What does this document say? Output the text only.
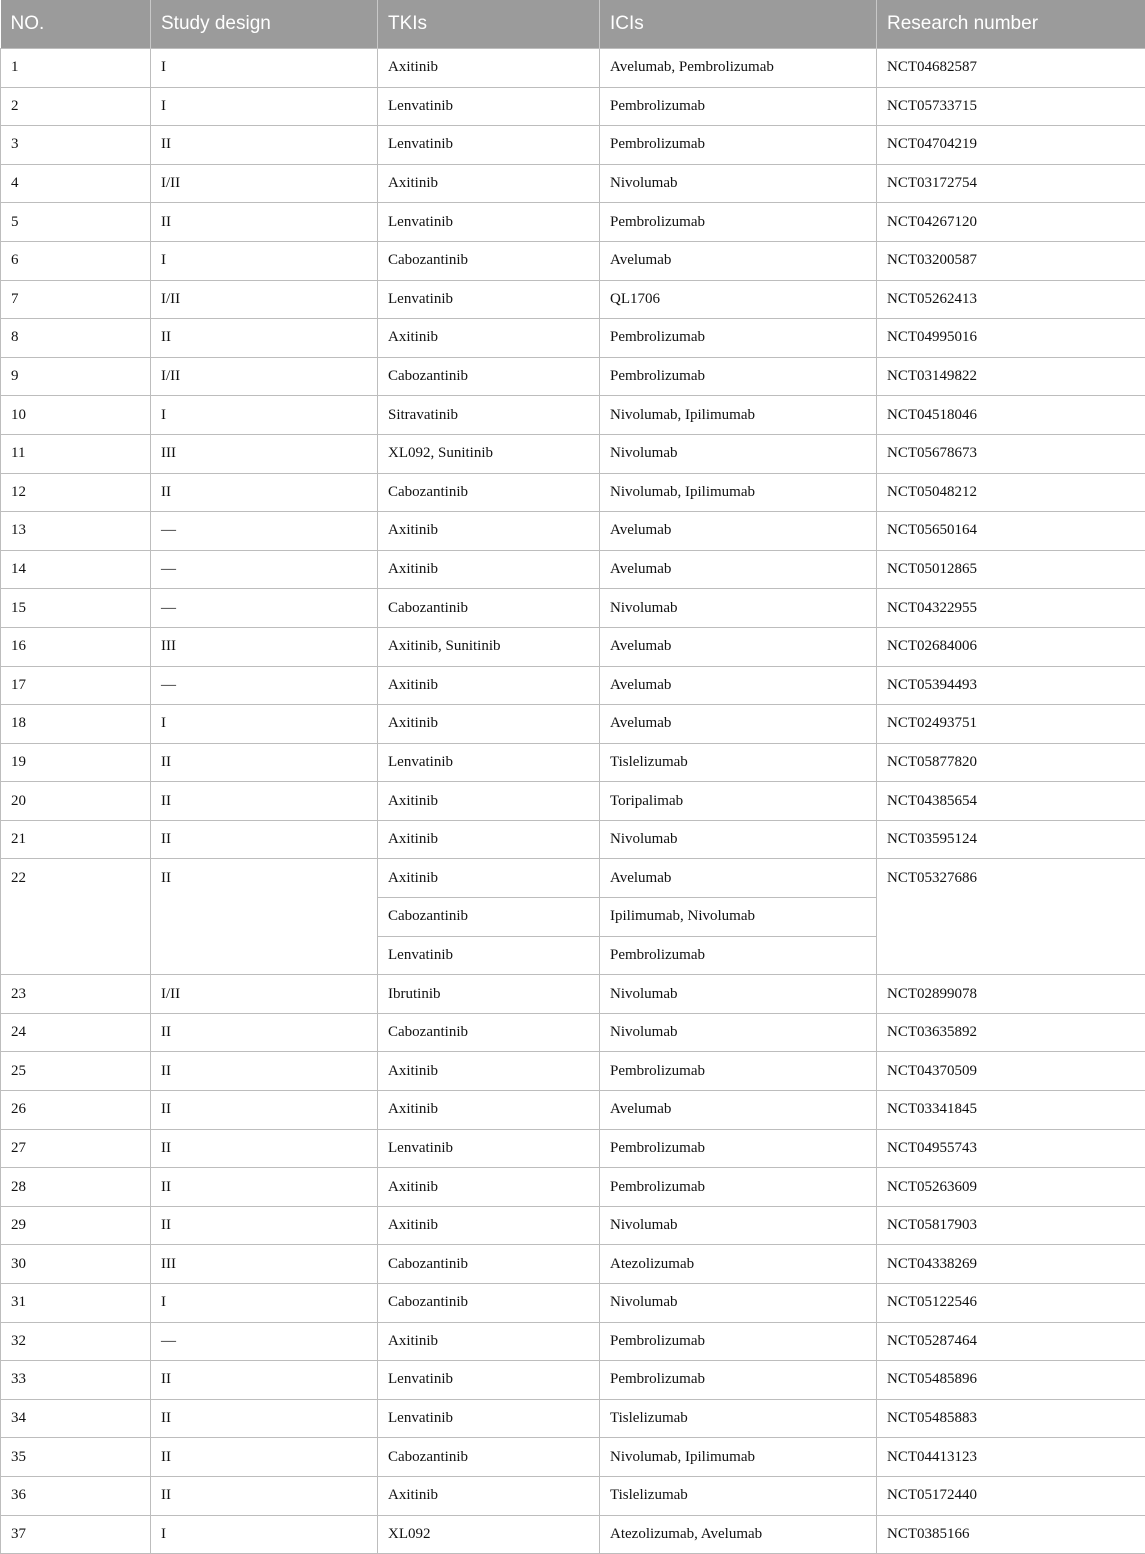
NO.	Study design	TKIs	ICIs	Research number
1	I	Axitinib	Avelumab, Pembrolizumab	NCT04682587
2	I	Lenvatinib	Pembrolizumab	NCT05733715
3	II	Lenvatinib	Pembrolizumab	NCT04704219
4	I/II	Axitinib	Nivolumab	NCT03172754
5	II	Lenvatinib	Pembrolizumab	NCT04267120
6	I	Cabozantinib	Avelumab	NCT03200587
7	I/II	Lenvatinib	QL1706	NCT05262413
8	II	Axitinib	Pembrolizumab	NCT04995016
9	I/II	Cabozantinib	Pembrolizumab	NCT03149822
10	I	Sitravatinib	Nivolumab, Ipilimumab	NCT04518046
11	III	XL092, Sunitinib	Nivolumab	NCT05678673
12	II	Cabozantinib	Nivolumab, Ipilimumab	NCT05048212
13	—	Axitinib	Avelumab	NCT05650164
14	—	Axitinib	Avelumab	NCT05012865
15	—	Cabozantinib	Nivolumab	NCT04322955
16	III	Axitinib, Sunitinib	Avelumab	NCT02684006
17	—	Axitinib	Avelumab	NCT05394493
18	I	Axitinib	Avelumab	NCT02493751
19	II	Lenvatinib	Tislelizumab	NCT05877820
20	II	Axitinib	Toripalimab	NCT04385654
21	II	Axitinib	Nivolumab	NCT03595124
22	II	Axitinib	Avelumab	NCT05327686
		Cabozantinib	Ipilimumab, Nivolumab	
		Lenvatinib	Pembrolizumab	
23	I/II	Ibrutinib	Nivolumab	NCT02899078
24	II	Cabozantinib	Nivolumab	NCT03635892
25	II	Axitinib	Pembrolizumab	NCT04370509
26	II	Axitinib	Avelumab	NCT03341845
27	II	Lenvatinib	Pembrolizumab	NCT04955743
28	II	Axitinib	Pembrolizumab	NCT05263609
29	II	Axitinib	Nivolumab	NCT05817903
30	III	Cabozantinib	Atezolizumab	NCT04338269
31	I	Cabozantinib	Nivolumab	NCT05122546
32	—	Axitinib	Pembrolizumab	NCT05287464
33	II	Lenvatinib	Pembrolizumab	NCT05485896
34	II	Lenvatinib	Tislelizumab	NCT05485883
35	II	Cabozantinib	Nivolumab, Ipilimumab	NCT04413123
36	II	Axitinib	Tislelizumab	NCT05172440
37	I	XL092	Atezolizumab, Avelumab	NCT0385166
